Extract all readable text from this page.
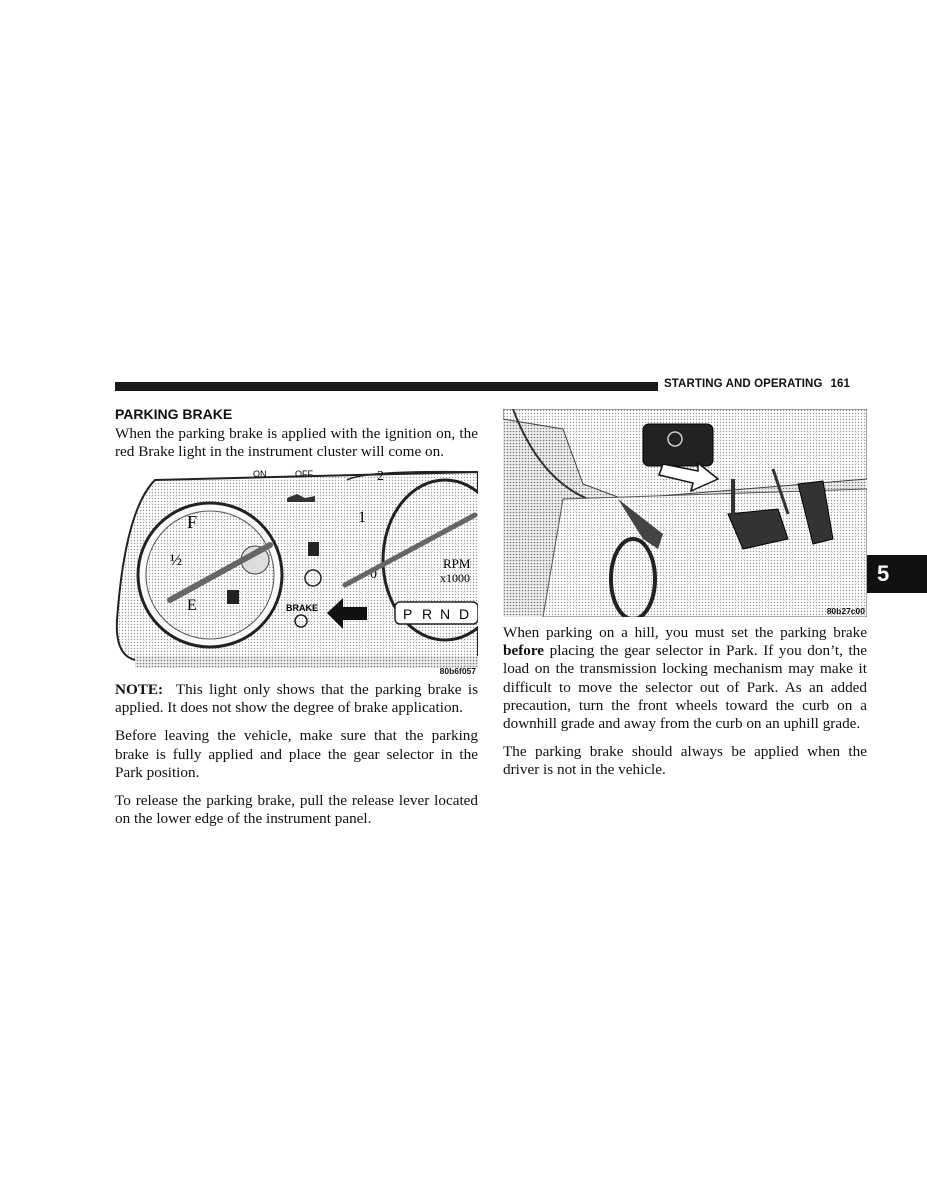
STARTING AND OPERATING 161
5
PARKING BRAKE

When the parking brake is applied with the ignition on, the red Brake light in the instrument cluster will come on.

F
½
E
ON	OFF
BRAKE
1
2
0
RPM
x1000
P R N D
80b6f057

NOTE: This light only shows that the parking brake is applied. It does not show the degree of brake application.

Before leaving the vehicle, make sure that the parking brake is fully applied and place the gear selector in the Park position.

To release the parking brake, pull the release lever located on the lower edge of the instrument panel.

80b27c00

When parking on a hill, you must set the parking brake before placing the gear selector in Park. If you don’t, the load on the transmission locking mechanism may make it difficult to move the selector out of Park. As an added precaution, turn the front wheels toward the curb on a downhill grade and away from the curb on an uphill grade.

The parking brake should always be applied when the driver is not in the vehicle.
